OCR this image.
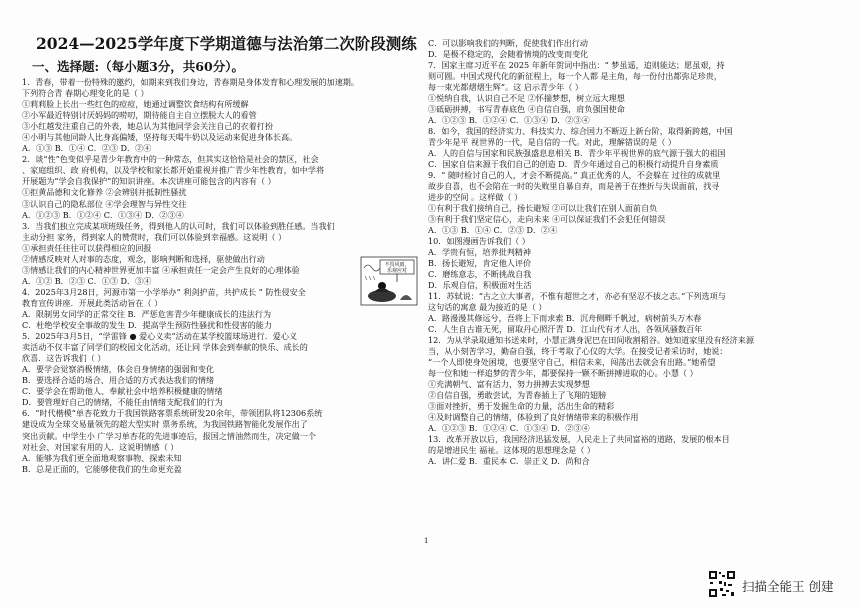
2024—2025学年度下学期道德与法治第二次阶段测练
一、选择题:（每小题3分，共60分）。
1．青春，带着一份特殊的邀约，如期来到我们身边，青春期是身体发育和心理发展的加速期。
下列符合青 春期心理变化的是（ ）
①莉莉脸上长出一些红色的痘痘，她通过调整饮食结构有所缓解
②小军最近特别讨厌妈妈的唠叨，期待能自主自立摆脱大人的看管
③小红越发注重自己的外表，她总认为其他同学会关注自己的衣着打扮
④小明与其他同龄人比身高偏矮，坚持每天喝牛奶以及运动来促进身体长高。
A．①③ B．①④ C．②③ D．②④
2．谈“性”色变似乎是青少年教育中的一种常态，但其实这恰恰是社会的禁区，社会
、家庭组织、政 府机构，以及学校和家长都开始重视并推广青少年性教育，如中学将
开展题为“学会自我保护”的知识讲座。本次讲座可能包含的内容有（ ）
①拒黄品德和文化修养 ②会辨别并抵制性骚扰
③认识自己的隐私部位 ④学会理智与异性交往
A．①②③ B．①②④ C．①③④ D．②③④
3．当我们独立完成某项班级任务，得到他人的认可时，我们可以体验到胜任感。当我们
主动分担 家务，得到家人的赞赏时，我们可以体验到幸福感。这说明（ ）
①承担责任往往可以获得相应的回报
②情感反映对人对事的态度，观念，影响判断和选择，驱使做出行动
③情感让我们的内心精神世界更加丰富 ④承担责任一定会产生良好的心理体验
A．①② B．②③ C．①③ D．③④
4．2025年3月28日，河源市第一小学举办“ 利剑护苗，共护成长 ” 防性侵安全
教育宣传讲座．开展此类活动旨在（ ）
A．限制男女同学的正常交往 B．严惩危害青少年健康成长的违法行为
C．杜绝学校安全事故的发生 D．提高学生预防性骚扰和性侵害的能力
5．2025年3月5日，“学雷锋 ● 爱心义卖”活动在某学校篮球场进行．爱心义
卖活动不仅丰富了同学们的校园文化活动，还让同 学体会到奉献的快乐、成长的
欣喜．这告诉我们（ ）
A．要学会觉察消极情绪，体会自身情绪的强弱和变化
B．要选择合适的场合、用合适的方式表达我们的情绪
C．要学会在帮助他人、奉献社会中培养积极健康的情绪
D．要管理好自己的情绪，不能任由情绪支配我们的行为
6．“时代楷模”单杏花致力于我国铁路客票系统研发20余年，带领团队将12306系统
建设成为全球交易量领先的超大型实时 票务系统，为我国铁路智能化发展作出了
突出贡献。中学生小 广学习单杏花的先进事迹后，报国之情油然而生，决定做一个
对社会、对国家有用的人．这说明情感（ ）
A．能够为我们更全面地观察事物、探索未知
B．总是正面的，它能够使我们的生命更充盈
C．可以影响我们的判断，促使我们作出行动
D．是极不稳定的，会随着情境的改变而变化
7．国家主席习近平在 2025 年新年贺词中指出：“ 梦虽遥，追则能达；愿虽艰，持
则可圆。中国式现代化的新征程上，每一个人都 是主角，每一份付出都弥足珍贵，
每一束光都熠熠生辉”。这 启示青少年（ ）
①悦纳自我，认识自己不足 ②怀揣梦想，树立远大理想
③砥砺拼搏，书写青春底色 ④自信自强，肩负强国使命
A．①②③ B．①②④ C．①③④ D．②③④
8．如今，我国的经济实力、科技实力、综合国力不断迈上新台阶，取得新跨越，中国
青少年是平 视世界的一代，是自信的一代。对此，理解错误的是（ ）
A．人的自信与国家和民族强盛息息相关 B．青少年平视世界的底气源于强大的祖国
C．国家自信来源于我们自己的创造 D．青少年通过自己的积极行动提升自身素质
9．“ 随时检讨自己的人，才会不断提高。” 真正优秀的人，不会躲在 过往的成就里
故步自喜，也不会陷在一时的失败里自暴自弃，而是善于在挫折与失误面前，找寻
进步的空间 。这样做（ ）
①有利于我们接纳自己，扬长避短 ②可以让我们在别人面前自负
③有利于我们坚定信心，走向未来 ④可以保证我们不会犯任何错误
A．①③ B．①④ C．②③ D．②④
10．如图漫画告诉我们（ ）
A．学贵有恒，培养批判精神
B．扬长避短，肯定他人评价
C．磨练意志，不断挑战自我
D．乐观自信，积极面对生活
11．苏轼说：“古之立大事者，不惟有超世之才，亦必有坚忍不拔之志。”下列选项与
这句话的寓意 最为接近的是（ ）
A．路漫漫其修远兮，吾将上下而求索 B．沉舟侧畔千帆过，病树前头万木春
C．人生自古谁无死，留取丹心照汗青 D．江山代有才人出，各领风骚数百年
12．为从学录取通知书送来时，小慧正满身泥巴在田间收割稻谷。她知道家里没有经济来源
当，从小刻苦学习，勤奋自强，终于考取了心仪的大学。在接受记者采访时，她说：
“一个人即使身处困境，也要坚守自己，相信未来，闯荡出去就会有出路。”她希望
每一位和她一样追梦的青少年，都要保持一颗不断拼搏进取的心。小慧（ ）
①充满朝气、富有活力，努力拼搏去实现梦想
②自信自强，勇敢尝试，为青春插上了飞翔的翅膀
③面对挫折，勇于发掘生命的力量，活出生命的精彩
④及时调整自己的情绪，体验到了良好情绪带来的积极作用
A．①②③ B．①②④ C．①③④ D．②③④
13．改革开放以后，我国经济迅猛发展，人民走上了共同富裕的道路，发展的根本目
的是增进民生 福祉。这体现的思想理念是（ ）
A．讲仁爱 B．重民本 C．崇正义 D．尚和合
不畏风雨，
乐观应对
1
扫描全能王 创建
